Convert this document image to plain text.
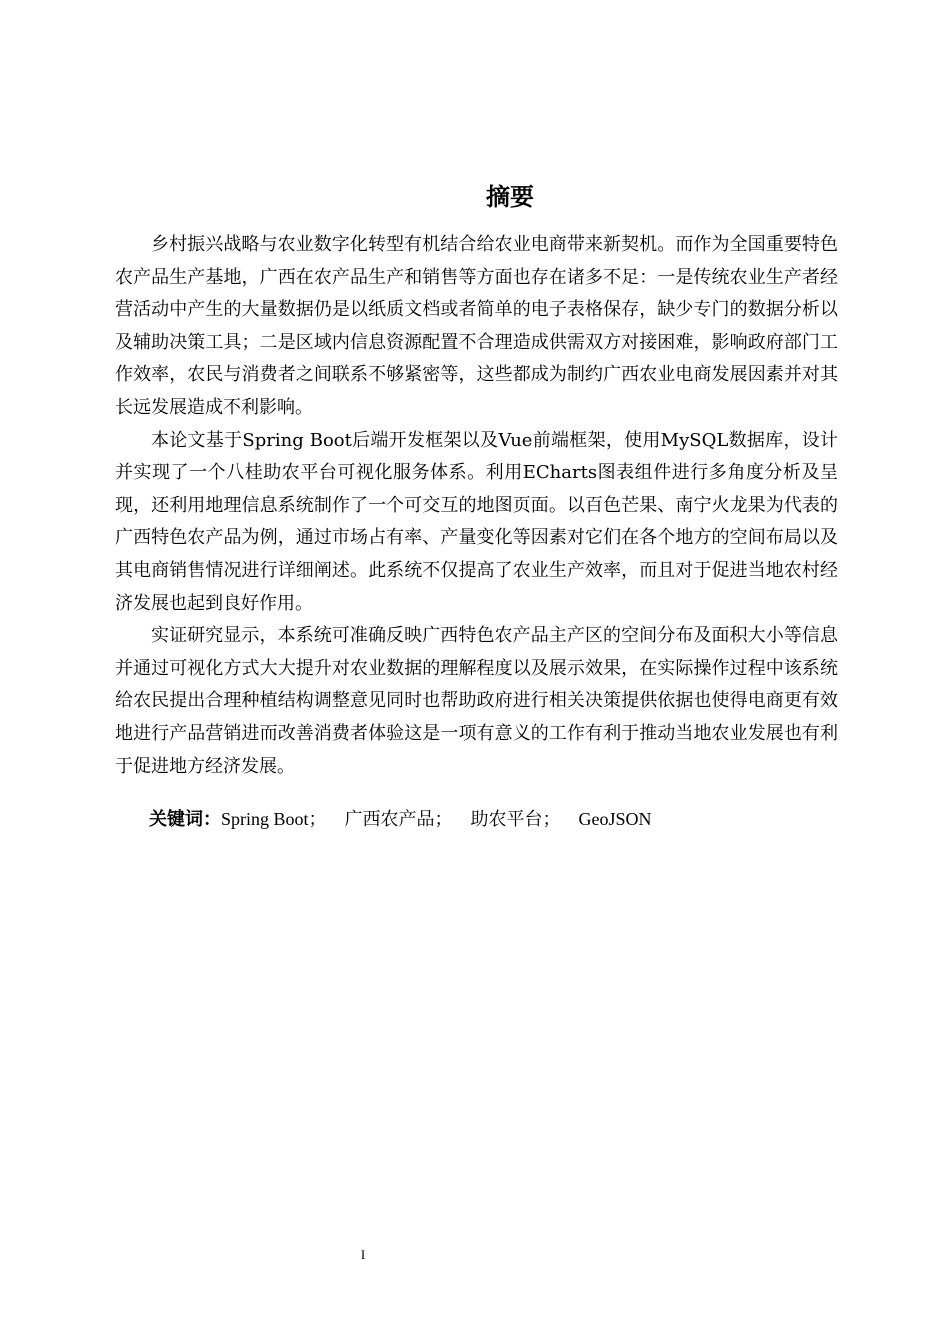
摘要

乡村振兴战略与农业数字化转型有机结合给农业电商带来新契机。而作为全国重要特色农产品生产基地，广西在农产品生产和销售等方面也存在诸多不足：一是传统农业生产者经营活动中产生的大量数据仍是以纸质文档或者简单的电子表格保存，缺少专门的数据分析以及辅助决策工具；二是区域内信息资源配置不合理造成供需双方对接困难，影响政府部门工作效率，农民与消费者之间联系不够紧密等，这些都成为制约广西农业电商发展因素并对其长远发展造成不利影响。

本论文基于Spring Boot后端开发框架以及Vue前端框架，使用MySQL数据库，设计并实现了一个八桂助农平台可视化服务体系。利用ECharts图表组件进行多角度分析及呈现，还利用地理信息系统制作了一个可交互的地图页面。以百色芒果、南宁火龙果为代表的广西特色农产品为例，通过市场占有率、产量变化等因素对它们在各个地方的空间布局以及其电商销售情况进行详细阐述。此系统不仅提高了农业生产效率，而且对于促进当地农村经济发展也起到良好作用。

实证研究显示，本系统可准确反映广西特色农产品主产区的空间分布及面积大小等信息并通过可视化方式大大提升对农业数据的理解程度以及展示效果，在实际操作过程中该系统给农民提出合理种植结构调整意见同时也帮助政府进行相关决策提供依据也使得电商更有效地进行产品营销进而改善消费者体验这是一项有意义的工作有利于推动当地农业发展也有利于促进地方经济发展。

关键词：Spring Boot； 广西农产品； 助农平台； GeoJSON
I
